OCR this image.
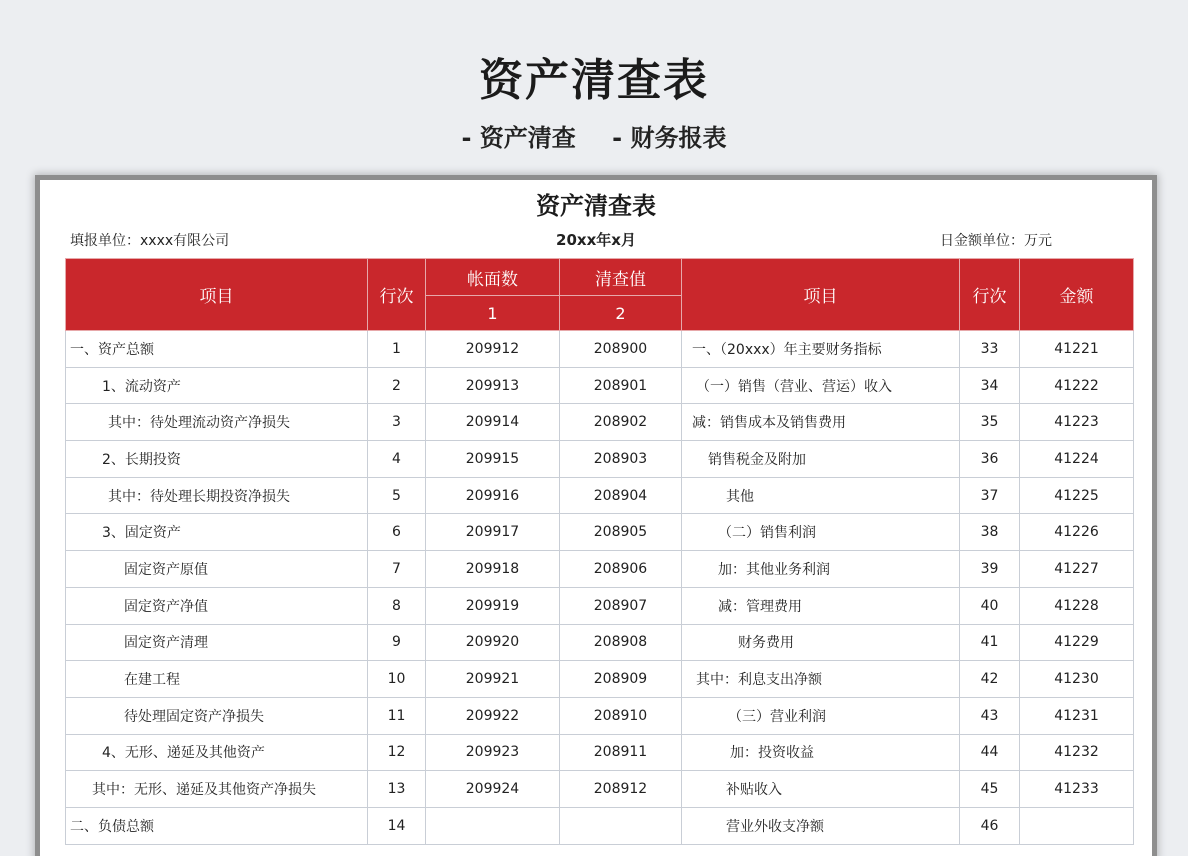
资产清查表
- 资产清查 - 财务报表
资产清查表
填报单位：xxxx有限公司	20xx年x月	日金额单位：万元
项目	行次	帐面数	清查值	项目	行次	金额
		1	2			
一、资产总额	1	209912	208900	一、（20xxx）年主要财务指标	33	41221
1、流动资产	2	209913	208901	（一）销售（营业、营运）收入	34	41222
其中：待处理流动资产净损失	3	209914	208902	减：销售成本及销售费用	35	41223
2、长期投资	4	209915	208903	销售税金及附加	36	41224
其中：待处理长期投资净损失	5	209916	208904	其他	37	41225
3、固定资产	6	209917	208905	（二）销售利润	38	41226
固定资产原值	7	209918	208906	加：其他业务利润	39	41227
固定资产净值	8	209919	208907	减：管理费用	40	41228
固定资产清理	9	209920	208908	财务费用	41	41229
在建工程	10	209921	208909	其中：利息支出净额	42	41230
待处理固定资产净损失	11	209922	208910	（三）营业利润	43	41231
4、无形、递延及其他资产	12	209923	208911	加：投资收益	44	41232
其中：无形、递延及其他资产净损失	13	209924	208912	补贴收入	45	41233
二、负债总额	14			营业外收支净额	46	
